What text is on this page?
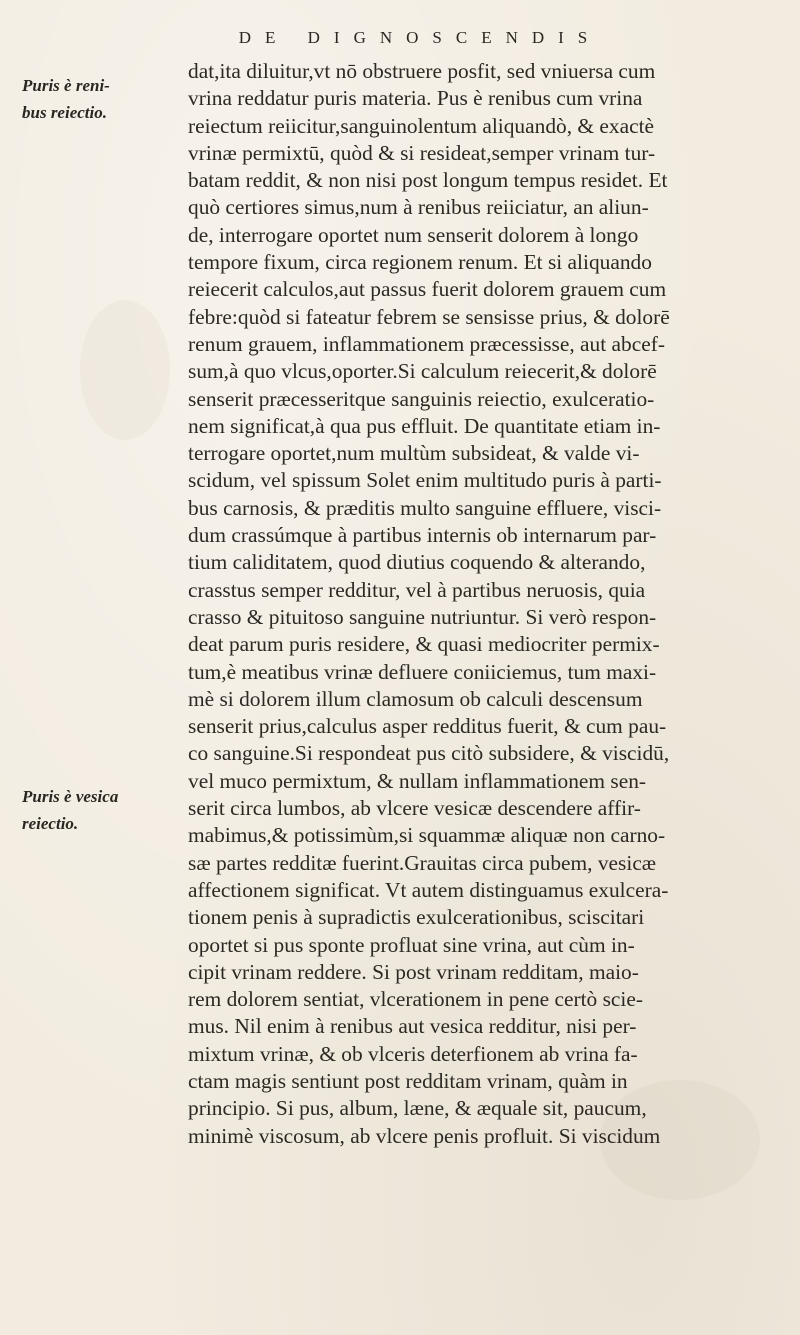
DE DIGNOSCENDIS
Puris è reni-
bus reiectio.
Puris è vesica
reiectio.
dat,ita diluitur,vt nō obstruere posfit, sed vniuersa cum
vrina reddatur puris materia. Pus è renibus cum vrina
reiectum reiicitur,sanguinolentum aliquandò, & exactè
vrinæ permixtū, quòd & si resideat,semper vrinam tur-
batam reddit, & non nisi post longum tempus residet. Et
quò certiores simus,num à renibus reiiciatur, an aliun-
de, interrogare oportet num senserit dolorem à longo
tempore fixum, circa regionem renum. Et si aliquando
reiecerit calculos,aut passus fuerit dolorem grauem cum
febre:quòd si fateatur febrem se sensisse prius, & dolorē
renum grauem, inflammationem præcessisse, aut abcef-
sum,à quo vlcus,oporter.Si calculum reiecerit,& dolorē
senserit præcesseritque sanguinis reiectio, exulceratio-
nem significat,à qua pus effluit. De quantitate etiam in-
terrogare oportet,num multùm subsideat, & valde vi-
scidum, vel spissum Solet enim multitudo puris à parti-
bus carnosis, & præditis multo sanguine effluere, visci-
dum crassúmque à partibus internis ob internarum par-
tium caliditatem, quod diutius coquendo & alterando,
crasstus semper redditur, vel à partibus neruosis, quia
crasso & pituitoso sanguine nutriuntur. Si verò respon-
deat parum puris residere, & quasi mediocriter permix-
tum,è meatibus vrinæ defluere coniiciemus, tum maxi-
mè si dolorem illum clamosum ob calculi descensum
senserit prius,calculus asper redditus fuerit, & cum pau-
co sanguine.Si respondeat pus citò subsidere, & viscidū,
vel muco permixtum, & nullam inflammationem sen-
serit circa lumbos, ab vlcere vesicæ descendere affir-
mabimus,& potissimùm,si squammæ aliquæ non carno-
sæ partes redditæ fuerint.Grauitas circa pubem, vesicæ
affectionem significat. Vt autem distinguamus exulcera-
tionem penis à supradictis exulcerationibus, sciscitari
oportet si pus sponte profluat sine vrina, aut cùm in-
cipit vrinam reddere. Si post vrinam redditam, maio-
rem dolorem sentiat, vlcerationem in pene certò scie-
mus. Nil enim à renibus aut vesica redditur, nisi per-
mixtum vrinæ, & ob vlceris deterfionem ab vrina fa-
ctam magis sentiunt post redditam vrinam, quàm in
principio. Si pus, album, læne, & æquale sit, paucum,
minimè viscosum, ab vlcere penis profluit. Si viscidum
